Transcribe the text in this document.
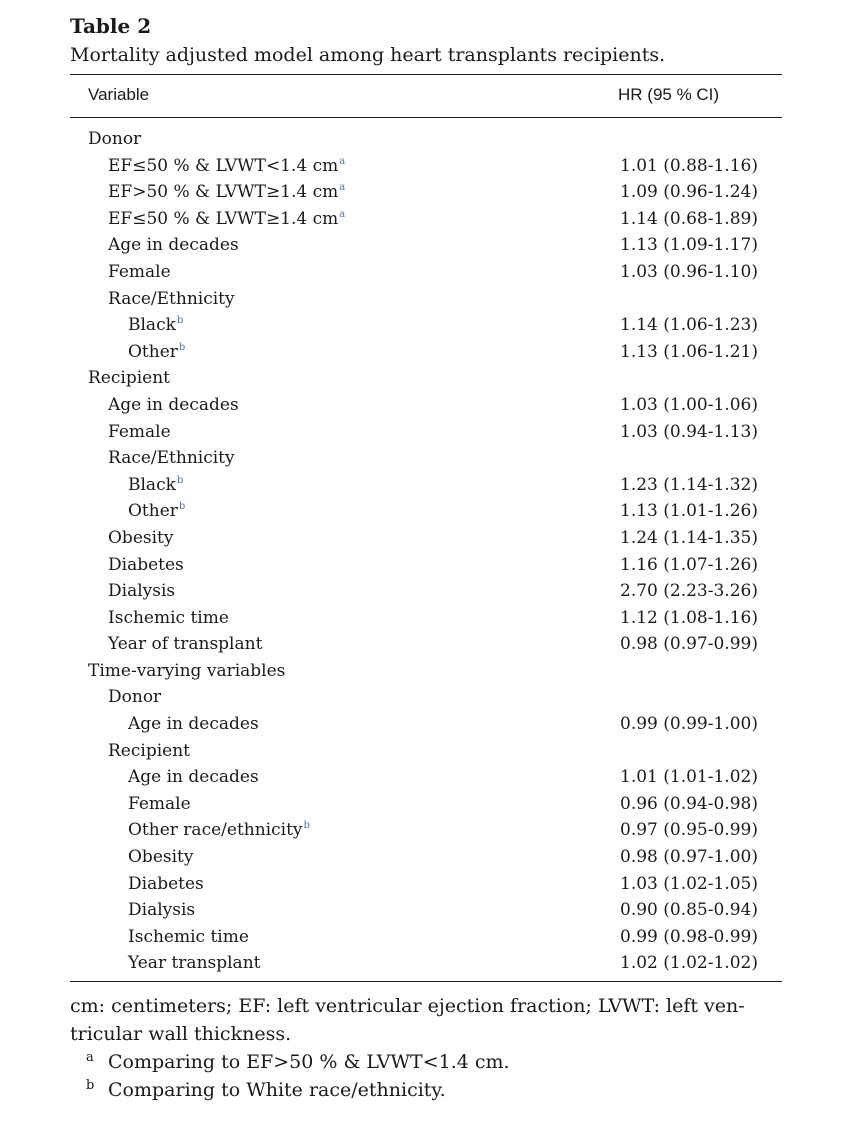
Table 2
Mortality adjusted model among heart transplants recipients.
Variable	HR (95 % CI)
Donor
EF≤50 % & LVWT<1.4 $cm^a$	1.01 (0.88-1.16)
EF>50 % & LVWT≥1.4 $cm^a$	1.09 (0.96-1.24)
EF≤50 % & LVWT≥1.4 $cm^a$	1.14 (0.68-1.89)
Age in decades	1.13 (1.09-1.17)
Female	1.03 (0.96-1.10)
Race/Ethnicity
Black$^b$	1.14 (1.06-1.23)
Other$^b$	1.13 (1.06-1.21)
Recipient
Age in decades	1.03 (1.00-1.06)
Female	1.03 (0.94-1.13)
Race/Ethnicity
Black$^b$	1.23 (1.14-1.32)
Other$^b$	1.13 (1.01-1.26)
Obesity	1.24 (1.14-1.35)
Diabetes	1.16 (1.07-1.26)
Dialysis	2.70 (2.23-3.26)
Ischemic time	1.12 (1.08-1.16)
Year of transplant	0.98 (0.97-0.99)
Time-varying variables
Donor
Age in decades	0.99 (0.99-1.00)
Recipient
Age in decades	1.01 (1.01-1.02)
Female	0.96 (0.94-0.98)
Other race/ethnicity$^b$	0.97 (0.95-0.99)
Obesity	0.98 (0.97-1.00)
Diabetes	1.03 (1.02-1.05)
Dialysis	0.90 (0.85-0.94)
Ischemic time	0.99 (0.98-0.99)
Year transplant	1.02 (1.02-1.02)
cm: centimeters; EF: left ventricular ejection fraction; LVWT: left ven-tricular wall thickness.
a Comparing to EF>50 % & LVWT<1.4 cm.
b Comparing to White race/ethnicity.
